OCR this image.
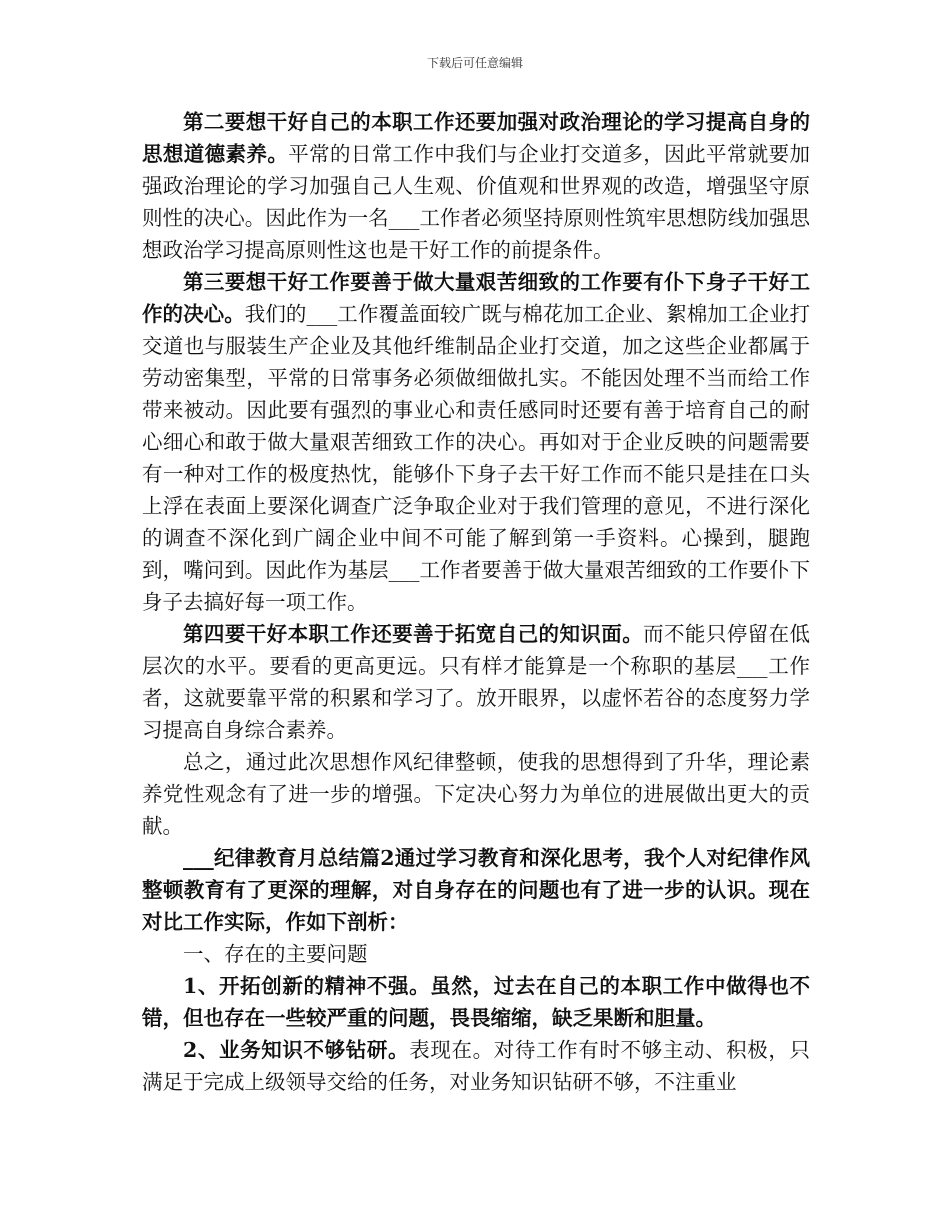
下载后可任意编辑

第二要想干好自己的本职工作还要加强对政治理论的学习提高自身的思想道德素养。平常的日常工作中我们与企业打交道多，因此平常就要加强政治理论的学习加强自己人生观、价值观和世界观的改造，增强坚守原则性的决心。因此作为一名___工作者必须坚持原则性筑牢思想防线加强思想政治学习提高原则性这也是干好工作的前提条件。

第三要想干好工作要善于做大量艰苦细致的工作要有仆下身子干好工作的决心。我们的___工作覆盖面较广既与棉花加工企业、絮棉加工企业打交道也与服装生产企业及其他纤维制品企业打交道，加之这些企业都属于劳动密集型，平常的日常事务必须做细做扎实。不能因处理不当而给工作带来被动。因此要有强烈的事业心和责任感同时还要有善于培育自己的耐心细心和敢于做大量艰苦细致工作的决心。再如对于企业反映的问题需要有一种对工作的极度热忱，能够仆下身子去干好工作而不能只是挂在口头上浮在表面上要深化调查广泛争取企业对于我们管理的意见，不进行深化的调查不深化到广阔企业中间不可能了解到第一手资料。心操到，腿跑到，嘴问到。因此作为基层___工作者要善于做大量艰苦细致的工作要仆下身子去搞好每一项工作。

第四要干好本职工作还要善于拓宽自己的知识面。而不能只停留在低层次的水平。要看的更高更远。只有样才能算是一个称职的基层___工作者，这就要靠平常的积累和学习了。放开眼界，以虚怀若谷的态度努力学习提高自身综合素养。

总之，通过此次思想作风纪律整顿，使我的思想得到了升华，理论素养党性观念有了进一步的增强。下定决心努力为单位的进展做出更大的贡献。

___纪律教育月总结篇2通过学习教育和深化思考，我个人对纪律作风整顿教育有了更深的理解，对自身存在的问题也有了进一步的认识。现在对比工作实际，作如下剖析：

一、存在的主要问题

1、开拓创新的精神不强。虽然，过去在自己的本职工作中做得也不错，但也存在一些较严重的问题，畏畏缩缩，缺乏果断和胆量。

2、业务知识不够钻研。表现在。对待工作有时不够主动、积极，只满足于完成上级领导交给的任务，对业务知识钻研不够，不注重业
